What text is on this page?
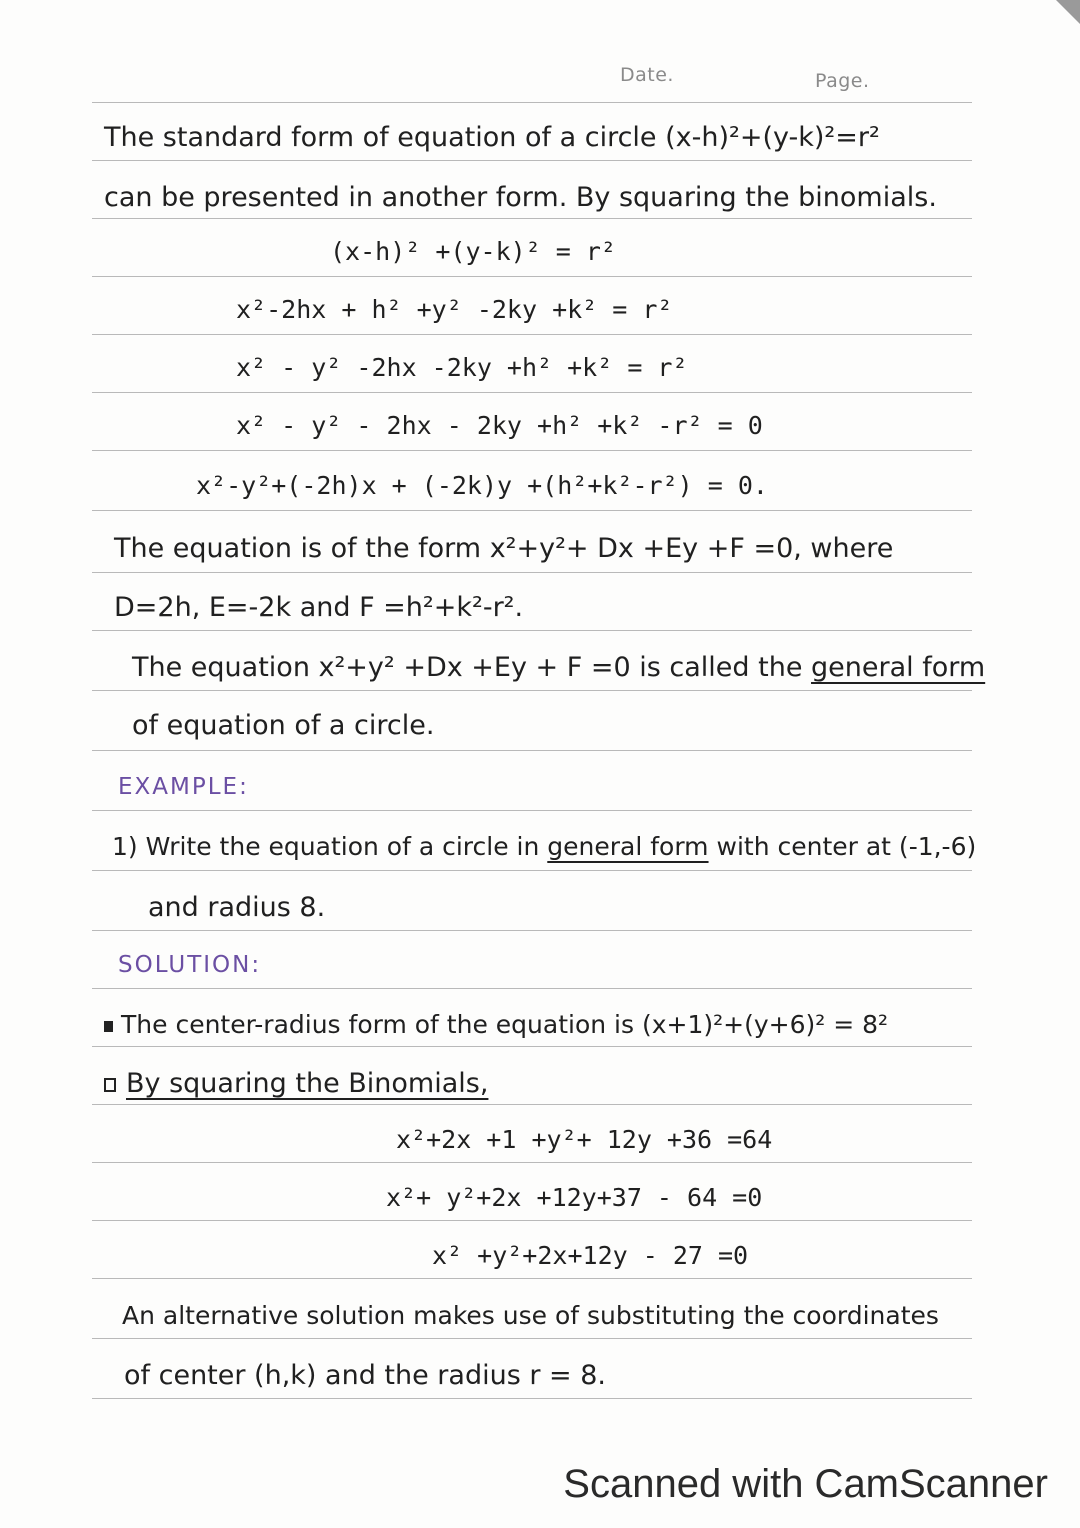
Date.	Page.
The standard form of equation of a circle (x-h)²+(y-k)²=r²
can be presented in another form. By squaring the binomials.
(x-h)² +(y-k)² = r²
x²-2hx + h² +y² -2ky +k² = r²
x² - y² -2hx -2ky +h² +k² = r²
x² - y² - 2hx - 2ky +h² +k² -r² = 0
x²-y²+(-2h)x + (-2k)y +(h²+k²-r²) = 0.
The equation is of the form x²+y²+ Dx +Ey +F =0, where
D=2h, E=-2k and F =h²+k²-r².
The equation x²+y² +Dx +Ey + F =0 is called the general form
of equation of a circle.
EXAMPLE:
1) Write the equation of a circle in general form with center at (-1,-6)
and radius 8.
SOLUTION:
The center-radius form of the equation is (x+1)²+(y+6)² = 8²
By squaring the Binomials,
x²+2x +1 +y²+ 12y +36 =64
x²+ y²+2x +12y+37 - 64 =0
x² +y²+2x+12y - 27 =0
An alternative solution makes use of substituting the coordinates
of center (h,k) and the radius r = 8.
Scanned with CamScanner
